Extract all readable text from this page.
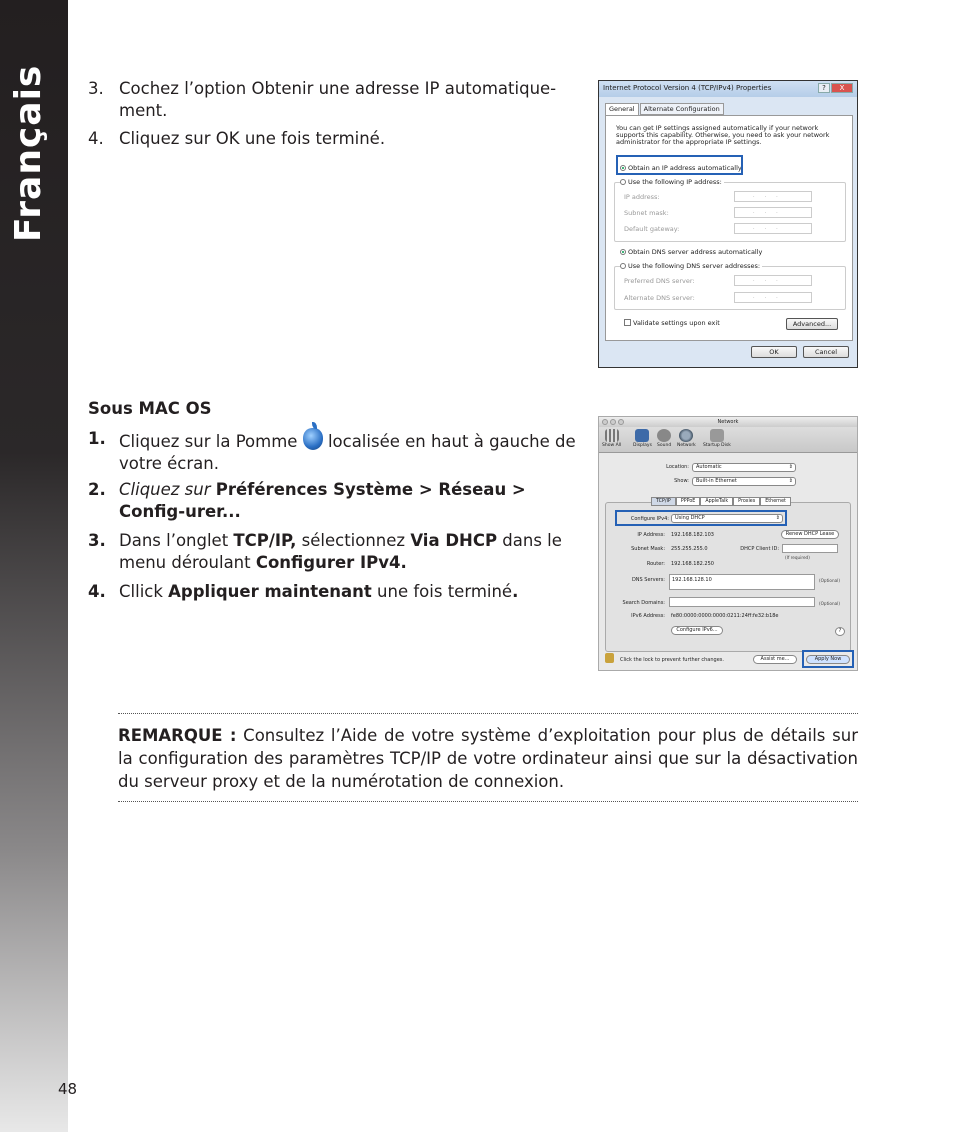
Français	3. Cochez l’option Obtenir une adresse IP automatique-ment.
4. Cliquez sur OK une fois terminé.
Internet Protocol Version 4 (TCP/IPv4) Properties	?	X
General	Alternate Configuration
You can get IP settings assigned automatically if your network supports this capability. Otherwise, you need to ask your network administrator for the appropriate IP settings.
Obtain an IP address automatically
Use the following IP address:
IP address:	...
Subnet mask:	...
Default gateway:	...
Obtain DNS server address automatically
Use the following DNS server addresses:
Preferred DNS server:	...
Alternate DNS server:	...
Validate settings upon exit	Advanced...
OK	Cancel
Sous MAC OS
1. Cliquez sur la Pomme  localisée en haut à gauche de votre écran.
2. Cliquez sur Préférences Système > Réseau > Config-urer...
3. Dans l’onglet TCP/IP, sélectionnez Via DHCP dans le menu déroulant Configurer IPv4.
4. Cllick Appliquer maintenant une fois terminé.
Network
Show All	Displays Sound Network Startup Disk
Location:	Automatic ⇕
Show:	Built-in Ethernet ⇕
TCP/IP	PPPoE	AppleTalk	Proxies	Ethernet
Configure IPv4:	Using DHCP ⇕
IP Address: 192.168.182.103	Renew DHCP Lease
Subnet Mask: 255.255.255.0	DHCP Client ID:
(If required)
Router: 192.168.182.250
DNS Servers: 192.168.128.10	(Optional)
Search Domains:	(Optional)
IPv6 Address: fe80:0000:0000:0000:0211:24ff:fe32:b18e
Configure IPv6...	?
Click the lock to prevent further changes.	Assist me...	Apply Now
REMARQUE : Consultez l’Aide de votre système d’exploitation pour plus de détails sur la configuration des paramètres TCP/IP de votre ordinateur ainsi que sur la désactivation du serveur proxy et de la numérotation de connexion.
48
